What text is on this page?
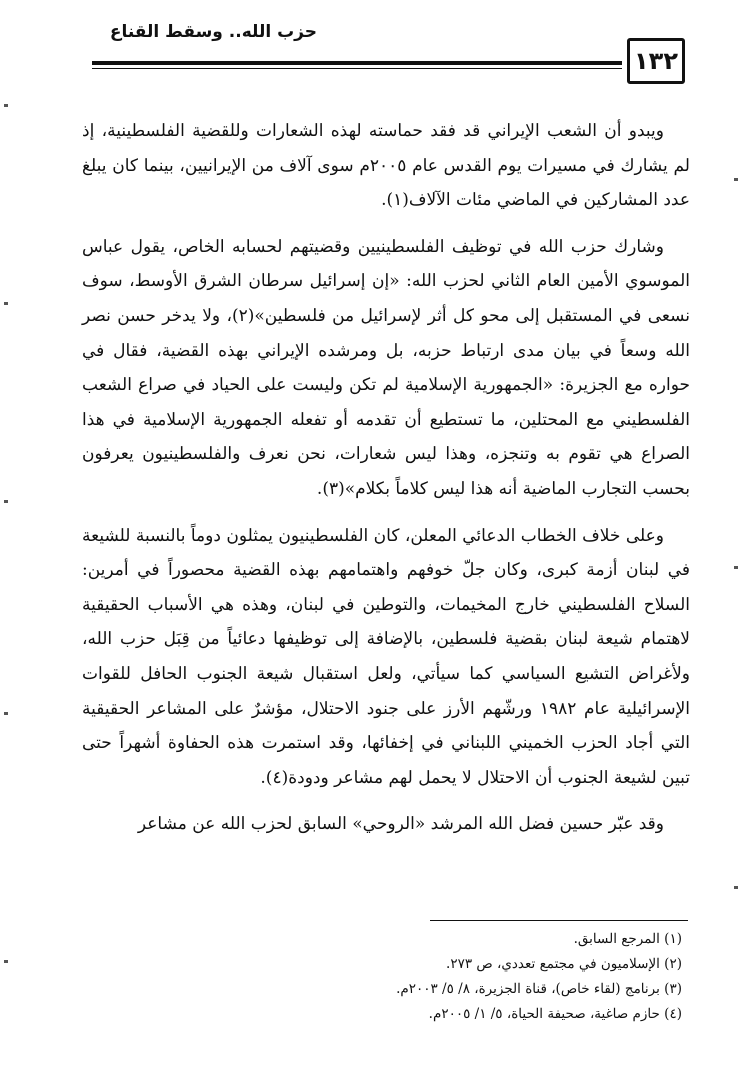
حزب الله.. وسقط القناع
١٣٢

ويبدو أن الشعب الإيراني قد فقد حماسته لهذه الشعارات وللقضية الفلسطينية، إذ لم يشارك في مسيرات يوم القدس عام ٢٠٠٥م سوى آلاف من الإيرانيين، بينما كان يبلغ عدد المشاركين في الماضي مئات الآلاف(١).

وشارك حزب الله في توظيف الفلسطينيين وقضيتهم لحسابه الخاص، يقول عباس الموسوي الأمين العام الثاني لحزب الله: «إن إسرائيل سرطان الشرق الأوسط، سوف نسعى في المستقبل إلى محو كل أثر لإسرائيل من فلسطين»(٢)، ولا يدخر حسن نصر الله وسعاً في بيان مدى ارتباط حزبه، بل ومرشده الإيراني بهذه القضية، فقال في حواره مع الجزيرة: «الجمهورية الإسلامية لم تكن وليست على الحياد في صراع الشعب الفلسطيني مع المحتلين، ما تستطيع أن تقدمه أو تفعله الجمهورية الإسلامية في هذا الصراع هي تقوم به وتنجزه، وهذا ليس شعارات، نحن نعرف والفلسطينيون يعرفون بحسب التجارب الماضية أنه هذا ليس كلاماً بكلام»(٣).

وعلى خلاف الخطاب الدعائي المعلن، كان الفلسطينيون يمثلون دوماً بالنسبة للشيعة في لبنان أزمة كبرى، وكان جلّ خوفهم واهتمامهم بهذه القضية محصوراً في أمرين: السلاح الفلسطيني خارج المخيمات، والتوطين في لبنان، وهذه هي الأسباب الحقيقية لاهتمام شيعة لبنان بقضية فلسطين، بالإضافة إلى توظيفها دعائياً من قِبَل حزب الله، ولأغراض التشيع السياسي كما سيأتي، ولعل استقبال شيعة الجنوب الحافل للقوات الإسرائيلية عام ١٩٨٢ ورشّهم الأرز على جنود الاحتلال، مؤشرٌ على المشاعر الحقيقية التي أجاد الحزب الخميني اللبناني في إخفائها، وقد استمرت هذه الحفاوة أشهراً حتى تبين لشيعة الجنوب أن الاحتلال لا يحمل لهم مشاعر ودودة(٤).

وقد عبّر حسين فضل الله المرشد «الروحي» السابق لحزب الله عن مشاعر

(١) المرجع السابق.
(٢) الإسلاميون في مجتمع تعددي، ص ٢٧٣.
(٣) برنامج (لقاء خاص)، قناة الجزيرة، ٨/ ٥/ ٢٠٠٣م.
(٤) حازم صاغية، صحيفة الحياة، ٥/ ١/ ٢٠٠٥م.
